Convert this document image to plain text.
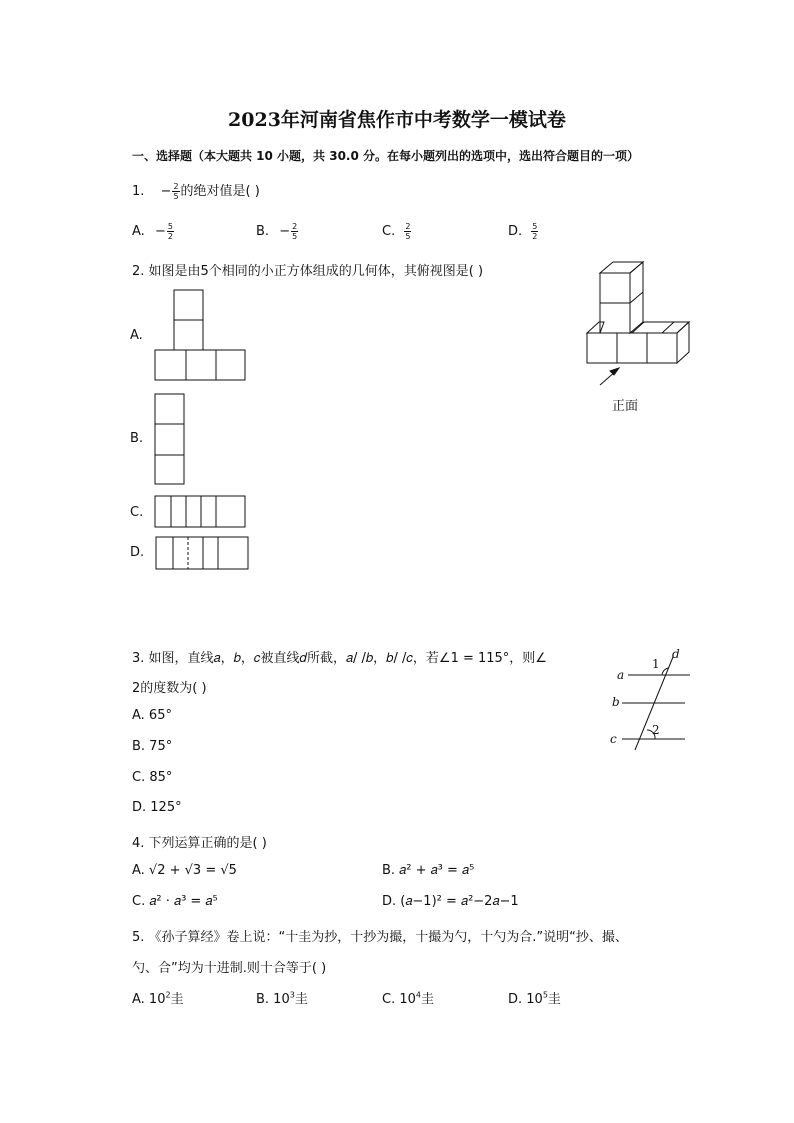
2023年河南省焦作市中考数学一模试卷
一、选择题（本大题共 10 小题，共 30.0 分。在每小题列出的选项中，选出符合题目的一项）
1. − $\frac{2}{5}$ 的绝对值是( )
A. − $\frac{5}{2}$	B. − $\frac{2}{5}$	C. $\frac{2}{5}$	D. $\frac{5}{2}$
2. 如图是由5个相同的小正方体组成的几何体，其俯视图是( )
A.
B.
C.
D.
正面
3. 如图，直线𝑎，𝑏，𝑐被直线𝑑所截，𝑎/ /𝑏，𝑏/ /𝑐，若∠1 = 115°，则∠
2的度数为( )
A. 65°
B. 75°
C. 85°
D. 125°
a
b
c
d
1
2
4. 下列运算正确的是( )
A. √2 + √3 = √5	B. 𝑎² + 𝑎³ = 𝑎⁵
C. 𝑎² · 𝑎³ = 𝑎⁵	D. (𝑎−1)² = 𝑎²−2𝑎−1
5. 《孙子算经》卷上说：“十圭为抄，十抄为撮，十撮为勺，十勺为合.”说明“抄、撮、
勺、合”均为十进制.则十合等于( )
A. $10^2$圭	B. $10^3$圭	C. $10^4$圭	D. $10^5$圭
